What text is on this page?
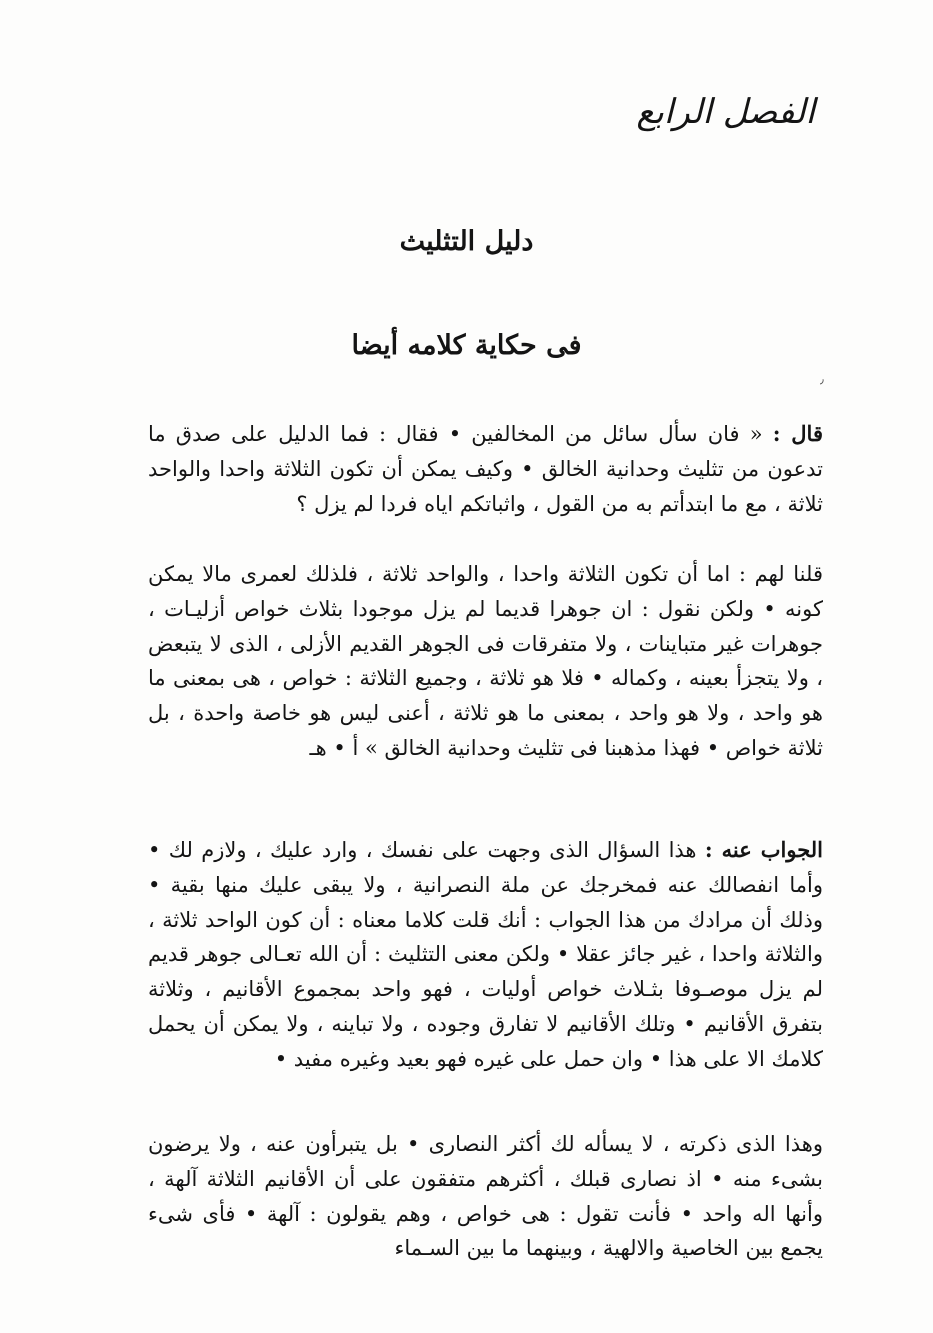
الفصل الرابع
دليل التثليث
فى حكاية كلامه أيضا
٫

قال : « فان سأل سائل من المخالفين • فقال : فما الدليل على صدق ما تدعون من تثليث وحدانية الخالق • وكيف يمكن أن تكون الثلاثة واحدا والواحد ثلاثة ، مع ما ابتدأتم به من القول ، واثباتكم اياه فردا لم يزل ؟

قلنا لهم : اما أن تكون الثلاثة واحدا ، والواحد ثلاثة ، فلذلك لعمرى مالا يمكن كونه • ولكن نقول : ان جوهرا قديما لم يزل موجودا بثلاث خواص أزليـات ، جوهرات غير متباينات ، ولا متفرقات فى الجوهر القديم الأزلى ، الذى لا يتبعض ، ولا يتجزأ بعينه ، وكماله • فلا هو ثلاثة ، وجميع الثلاثة : خواص ، هى بمعنى ما هو واحد ، ولا هو واحد ، بمعنى ما هو ثلاثة ، أعنى ليس هو خاصة واحدة ، بل ثلاثة خواص • فهذا مذهبنا فى تثليث وحدانية الخالق » أ • هـ

الجواب عنه : هذا السؤال الذى وجهت على نفسك ، وارد عليك ، ولازم لك • وأما انفصالك عنه فمخرجك عن ملة النصرانية ، ولا يبقى عليك منها بقية • وذلك أن مرادك من هذا الجواب : أنك قلت كلاما معناه : أن كون الواحد ثلاثة ، والثلاثة واحدا ، غير جائز عقلا • ولكن معنى التثليث : أن الله تعـالى جوهر قديم لم يزل موصـوفا بثـلاث خواص أوليات ، فهو واحد بمجموع الأقانيم ، وثلاثة بتفرق الأقانيم • وتلك الأقانيم لا تفارق وجوده ، ولا تباينه ، ولا يمكن أن يحمل كلامك الا على هذا • وان حمل على غيره فهو بعيد وغيره مفيد •

وهذا الذى ذكرته ، لا يسأله لك أكثر النصارى • بل يتبرأون عنه ، ولا يرضون بشىء منه • اذ نصارى قبلك ، أكثرهم متفقون على أن الأقانيم الثلاثة آلهة ، وأنها اله واحد • فأنت تقول : هى خواص ، وهم يقولون : آلهة • فأى شىء يجمع بين الخاصية والالهية ، وبينهما ما بين السـماء
